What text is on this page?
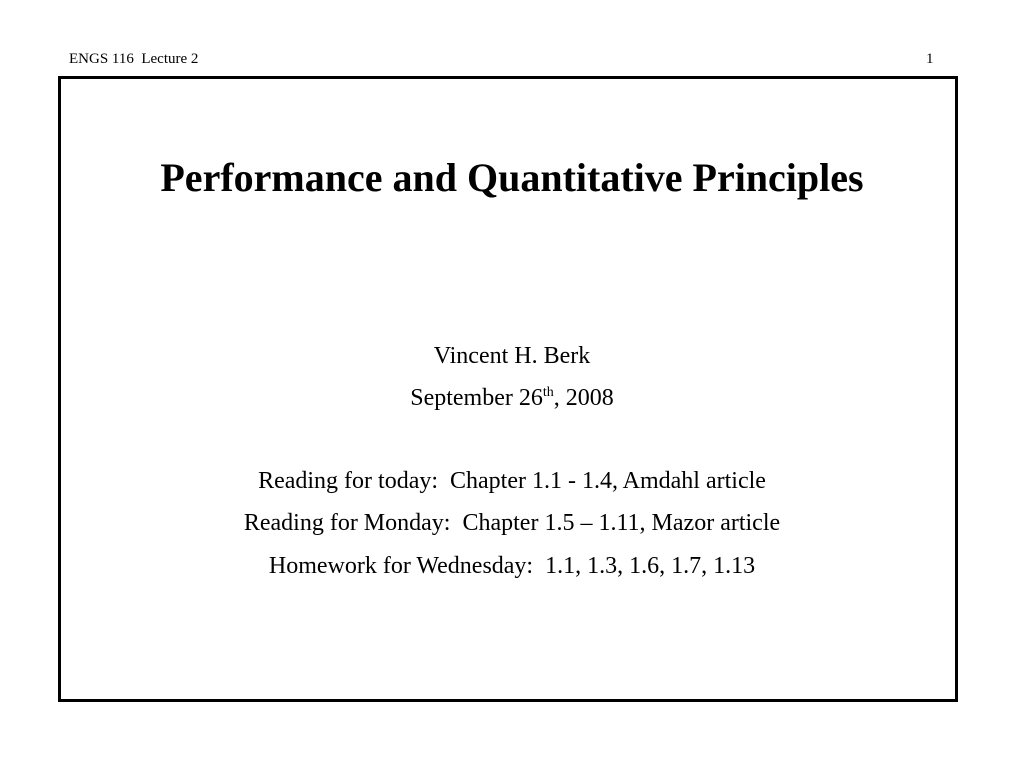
ENGS 116  Lecture 2	1
Performance and Quantitative Principles

Vincent H. Berk

September 26th, 2008

Reading for today:  Chapter 1.1 - 1.4, Amdahl article

Reading for Monday:  Chapter 1.5 – 1.11, Mazor article

Homework for Wednesday:  1.1, 1.3, 1.6, 1.7, 1.13
